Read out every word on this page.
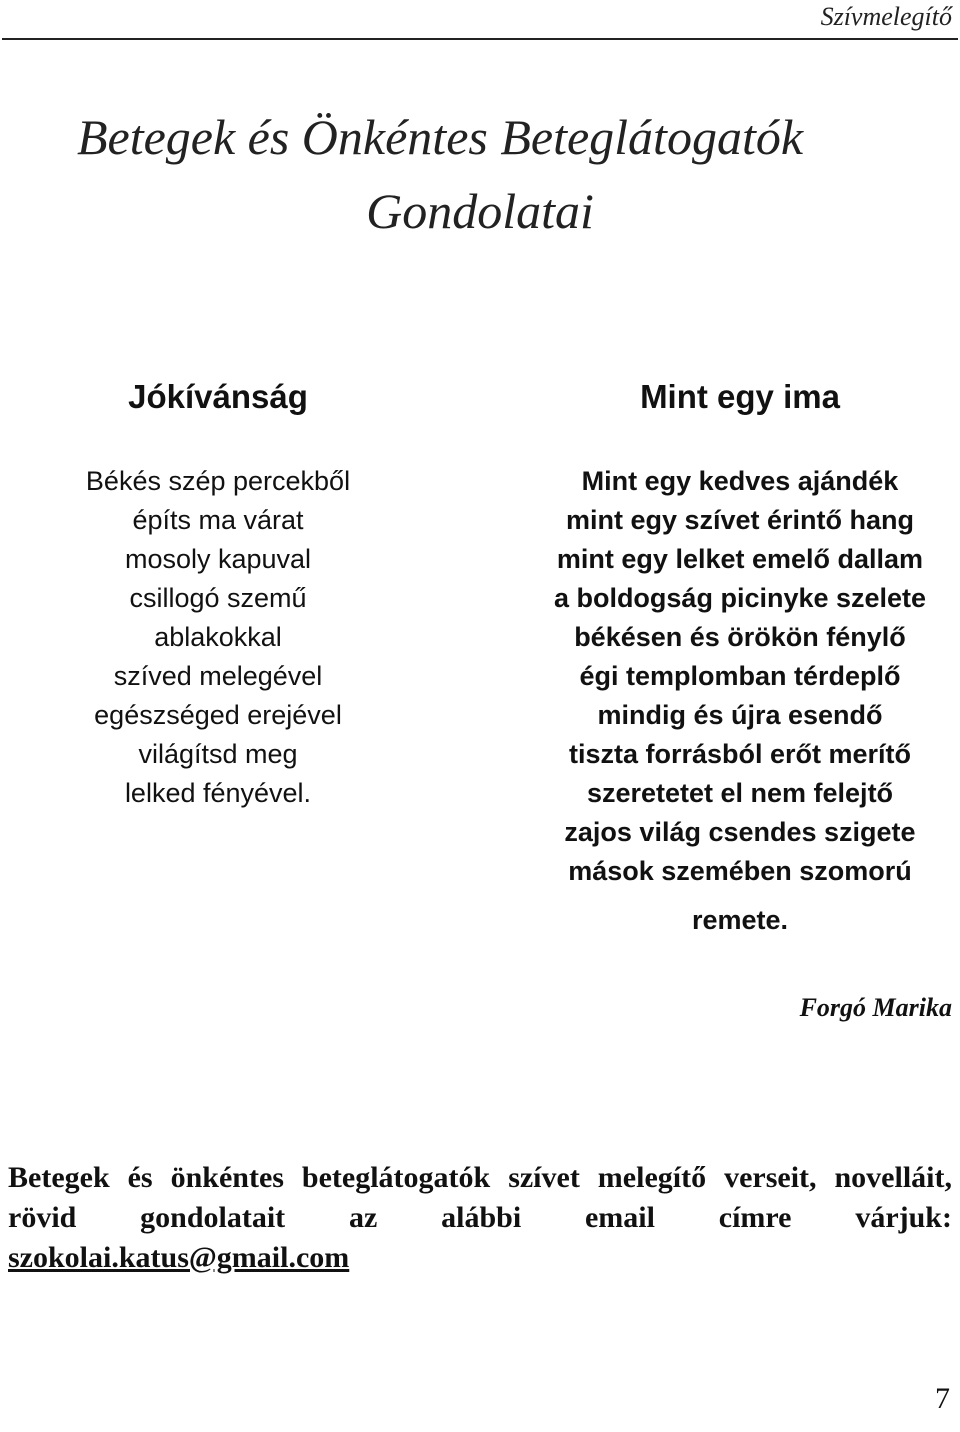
Szívmelegítő
Betegek és Önkéntes Beteglátogatók
Gondolatai
Jókívánság
Békés szép percekből
építs ma várat
mosoly kapuval
csillogó szemű
ablakokkal
szíved melegével
egészséged erejével
világítsd meg
lelked fényével.
Mint egy ima
Mint egy kedves ajándék
mint egy szívet érintő hang
mint egy lelket emelő dallam
a boldogság picinyke szelete
békésen és örökön fénylő
égi templomban térdeplő
mindig és újra esendő
tiszta forrásból erőt merítő
szeretetet el nem felejtő
zajos világ csendes szigete
mások szemében szomorú
remete.
Forgó Marika
Betegek és önkéntes beteglátogatók szívet melegítő verseit, novelláit, rövid gondolatait az alábbi email címre várjuk: szokolai.katus@gmail.com
7
